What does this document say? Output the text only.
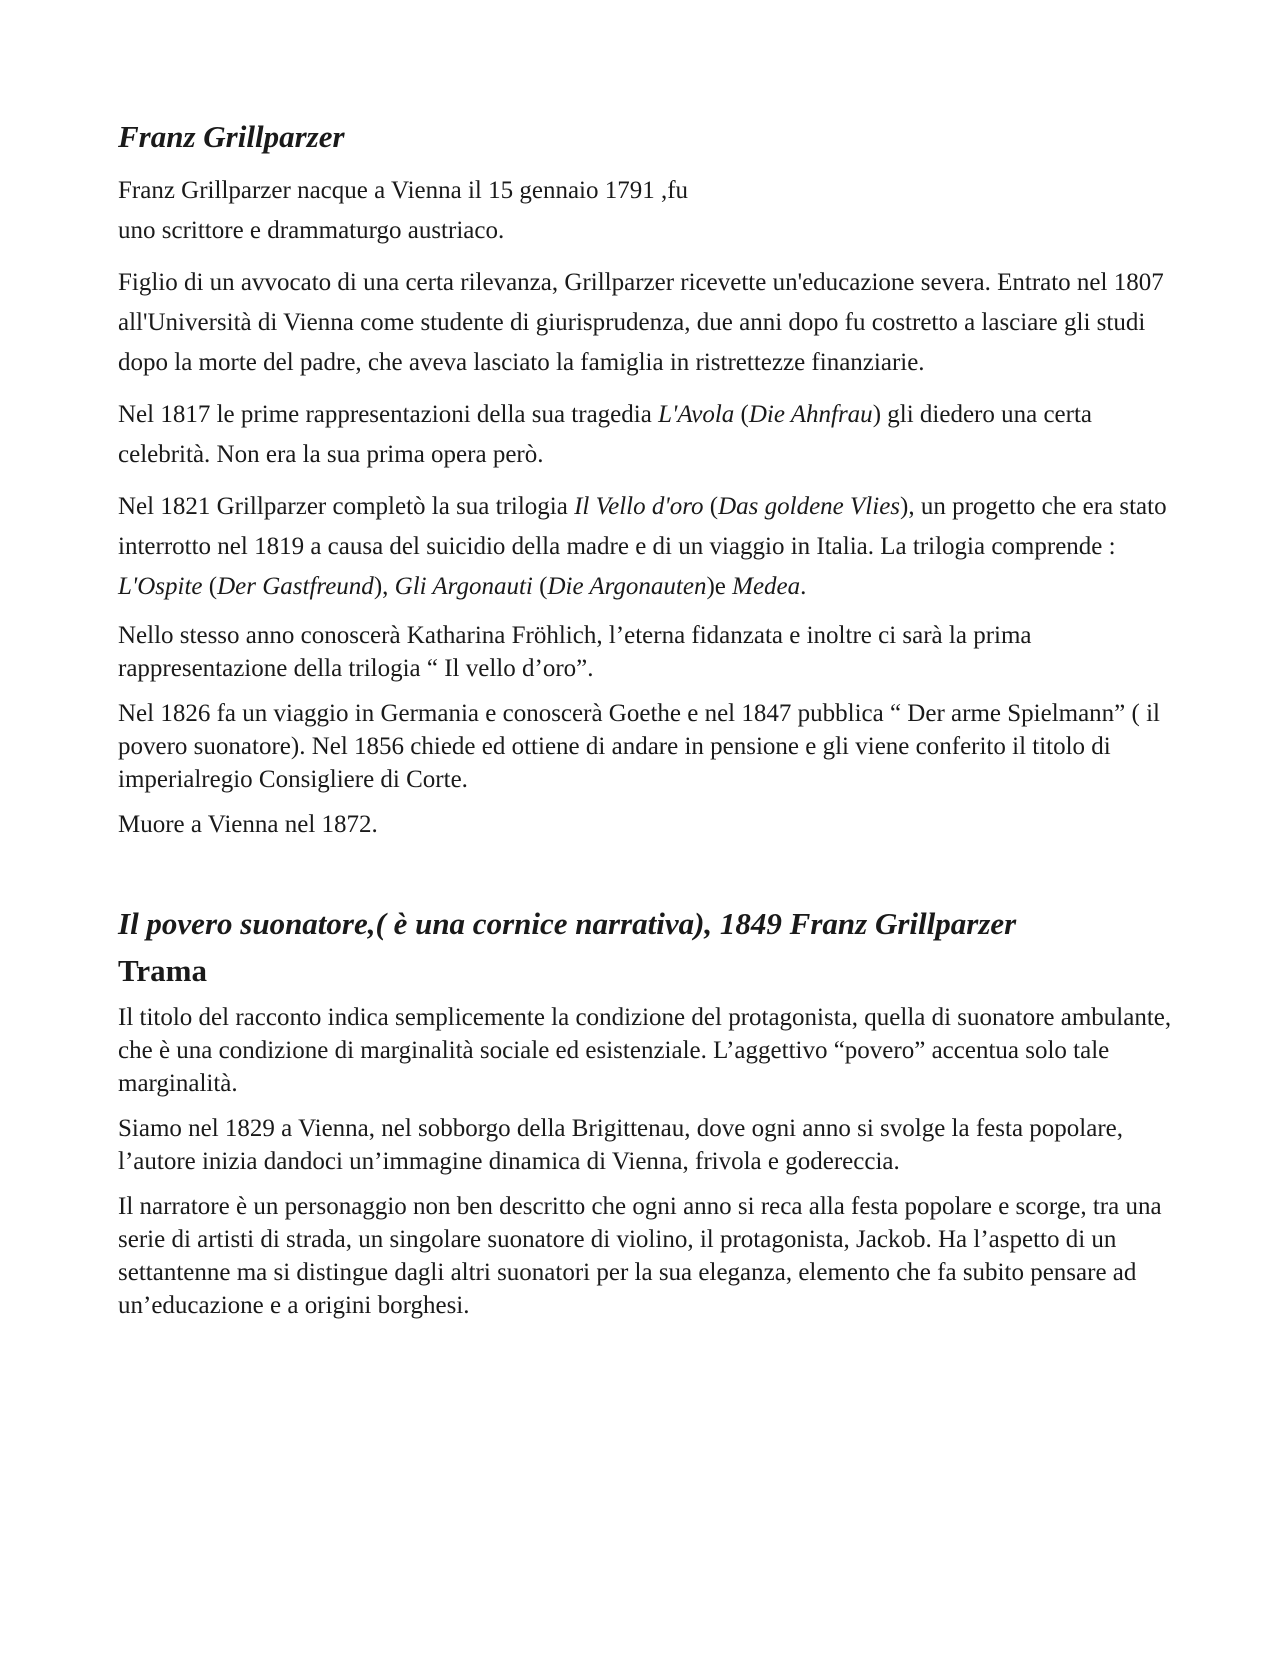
Franz Grillparzer

Franz Grillparzer nacque a Vienna il 15 gennaio 1791 ,fu
uno scrittore e drammaturgo austriaco.

Figlio di un avvocato di una certa rilevanza, Grillparzer ricevette un'educazione severa. Entrato nel 1807 all'Università di Vienna come studente di giurisprudenza, due anni dopo fu costretto a lasciare gli studi dopo la morte del padre, che aveva lasciato la famiglia in ristrettezze finanziarie.

Nel 1817 le prime rappresentazioni della sua tragedia L'Avola (Die Ahnfrau) gli diedero una certa celebrità. Non era la sua prima opera però.

Nel 1821 Grillparzer completò la sua trilogia Il Vello d'oro (Das goldene Vlies), un progetto che era stato interrotto nel 1819 a causa del suicidio della madre e di un viaggio in Italia. La trilogia comprende : L'Ospite (Der Gastfreund), Gli Argonauti (Die Argonauten)e Medea.

Nello stesso anno conoscerà Katharina Fröhlich, l’eterna fidanzata e inoltre ci sarà la prima rappresentazione della trilogia “ Il vello d’oro”.

Nel 1826 fa un viaggio in Germania e conoscerà Goethe e nel 1847 pubblica “ Der arme Spielmann” ( il povero suonatore). Nel 1856 chiede ed ottiene di andare in pensione e gli viene conferito il titolo di imperialregio Consigliere di Corte.

Muore a Vienna nel 1872.

Il povero suonatore,( è una cornice narrativa), 1849 Franz Grillparzer
Trama

Il titolo del racconto indica semplicemente la condizione del protagonista, quella di suonatore ambulante, che è una condizione di marginalità sociale ed esistenziale. L’aggettivo “povero” accentua solo tale marginalità.

Siamo nel 1829 a Vienna, nel sobborgo della Brigittenau, dove ogni anno si svolge la festa popolare, l’autore inizia dandoci un’immagine dinamica di Vienna, frivola e godereccia.

Il narratore è un personaggio non ben descritto che ogni anno si reca alla festa popolare e scorge, tra una serie di artisti di strada, un singolare suonatore di violino, il protagonista, Jackob. Ha l’aspetto di un settantenne ma si distingue dagli altri suonatori per la sua eleganza, elemento che fa subito pensare ad un’educazione e a origini borghesi.
